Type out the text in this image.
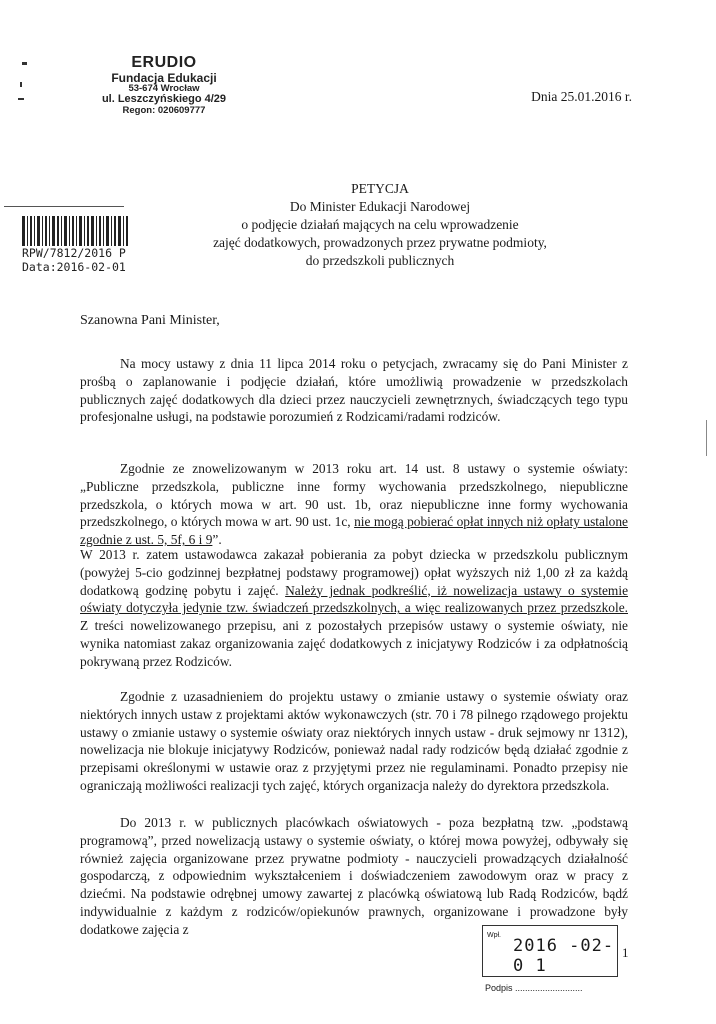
ERUDIO
Fundacja Edukacji
53-674 Wrocław
ul. Leszczyńskiego 4/29
Regon: 020609777
Dnia 25.01.2016 r.
RPW/7812/2016 P
Data:2016-02-01
PETYCJA
Do Minister Edukacji Narodowej
o podjęcie działań mających na celu wprowadzenie
zajęć dodatkowych, prowadzonych przez prywatne podmioty,
do przedszkoli publicznych
Szanowna Pani Minister,

Na mocy ustawy z dnia 11 lipca 2014 roku o petycjach, zwracamy się do Pani Minister z prośbą o zaplanowanie i podjęcie działań, które umożliwią prowadzenie w przedszkolach publicznych zajęć dodatkowych dla dzieci przez nauczycieli zewnętrznych, świadczących tego typu profesjonalne usługi, na podstawie porozumień z Rodzicami/radami rodziców.

Zgodnie ze znowelizowanym w 2013 roku art. 14 ust. 8 ustawy o systemie oświaty: „Publiczne przedszkola, publiczne inne formy wychowania przedszkolnego, niepubliczne przedszkola, o których mowa w art. 90 ust. 1b, oraz niepubliczne inne formy wychowania przedszkolnego, o których mowa w art. 90 ust. 1c, nie mogą pobierać opłat innych niż opłaty ustalone zgodnie z ust. 5, 5f, 6 i 9”.

W 2013 r. zatem ustawodawca zakazał pobierania za pobyt dziecka w przedszkolu publicznym (powyżej 5-cio godzinnej bezpłatnej podstawy programowej) opłat wyższych niż 1,00 zł za każdą dodatkową godzinę pobytu i zajęć. Należy jednak podkreślić, iż nowelizacja ustawy o systemie oświaty dotyczyła jedynie tzw. świadczeń przedszkolnych, a więc realizowanych przez przedszkole. Z treści nowelizowanego przepisu, ani z pozostałych przepisów ustawy o systemie oświaty, nie wynika natomiast zakaz organizowania zajęć dodatkowych z inicjatywy Rodziców i za odpłatnością pokrywaną przez Rodziców.

Zgodnie z uzasadnieniem do projektu ustawy o zmianie ustawy o systemie oświaty oraz niektórych innych ustaw z projektami aktów wykonawczych (str. 70 i 78 pilnego rządowego projektu ustawy o zmianie ustawy o systemie oświaty oraz niektórych innych ustaw - druk sejmowy nr 1312), nowelizacja nie blokuje inicjatywy Rodziców, ponieważ nadal rady rodziców będą działać zgodnie z przepisami określonymi w ustawie oraz z przyjętymi przez nie regulaminami. Ponadto przepisy nie ograniczają możliwości realizacji tych zajęć, których organizacja należy do dyrektora przedszkola.

Do 2013 r. w publicznych placówkach oświatowych - poza bezpłatną tzw. „podstawą programową”, przed nowelizacją ustawy o systemie oświaty, o której mowa powyżej, odbywały się również zajęcia organizowane przez prywatne podmioty - nauczycieli prowadzących działalność gospodarczą, z odpowiednim wykształceniem i doświadczeniem zawodowym oraz w pracy z dziećmi. Na podstawie odrębnej umowy zawartej z placówką oświatową lub Radą Rodziców, bądź indywidualnie z każdym z rodziców/opiekunów prawnych, organizowane i prowadzone były dodatkowe zajęcia z	Wpł.
2016 -02- 0 1
Podpis ...........................
1
